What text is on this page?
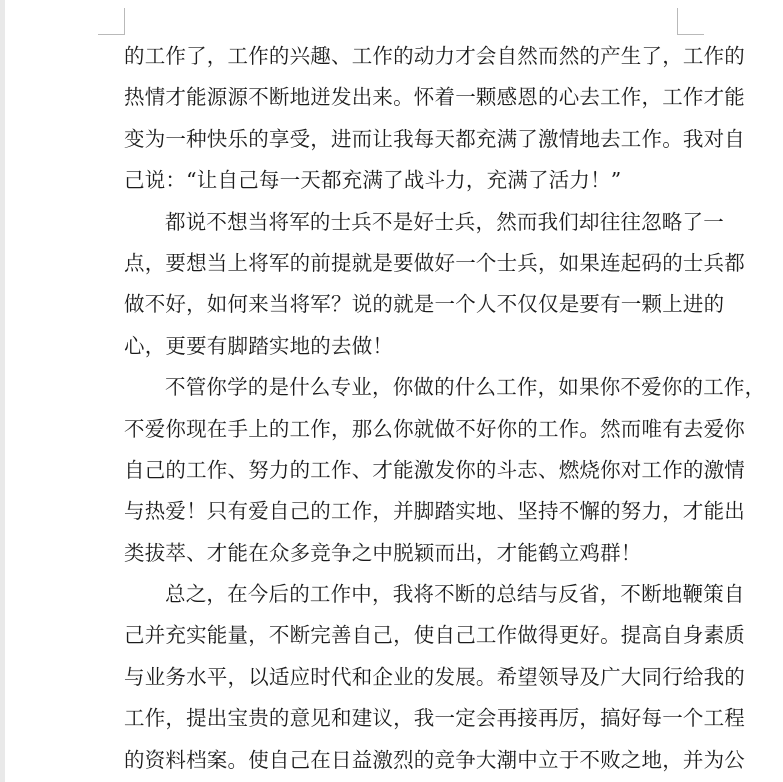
的工作了，工作的兴趣、工作的动力才会自然而然的产生了，工作的
热情才能源源不断地迸发出来。怀着一颗感恩的心去工作，工作才能
变为一种快乐的享受，进而让我每天都充满了激情地去工作。我对自
己说：“让自己每一天都充满了战斗力，充满了活力！”

都说不想当将军的士兵不是好士兵，然而我们却往往忽略了一
点，要想当上将军的前提就是要做好一个士兵，如果连起码的士兵都
做不好，如何来当将军？说的就是一个人不仅仅是要有一颗上进的
心，更要有脚踏实地的去做！

不管你学的是什么专业，你做的什么工作，如果你不爱你的工作，
不爱你现在手上的工作，那么你就做不好你的工作。然而唯有去爱你
自己的工作、努力的工作、才能激发你的斗志、燃烧你对工作的激情
与热爱！只有爱自己的工作，并脚踏实地、坚持不懈的努力，才能出
类拔萃、才能在众多竞争之中脱颖而出，才能鹤立鸡群！

总之，在今后的工作中，我将不断的总结与反省，不断地鞭策自
己并充实能量，不断完善自己，使自己工作做得更好。提高自身素质
与业务水平，以适应时代和企业的发展。希望领导及广大同行给我的
工作，提出宝贵的意见和建议，我一定会再接再厉，搞好每一个工程
的资料档案。使自己在日益激烈的竞争大潮中立于不败之地，并为公
